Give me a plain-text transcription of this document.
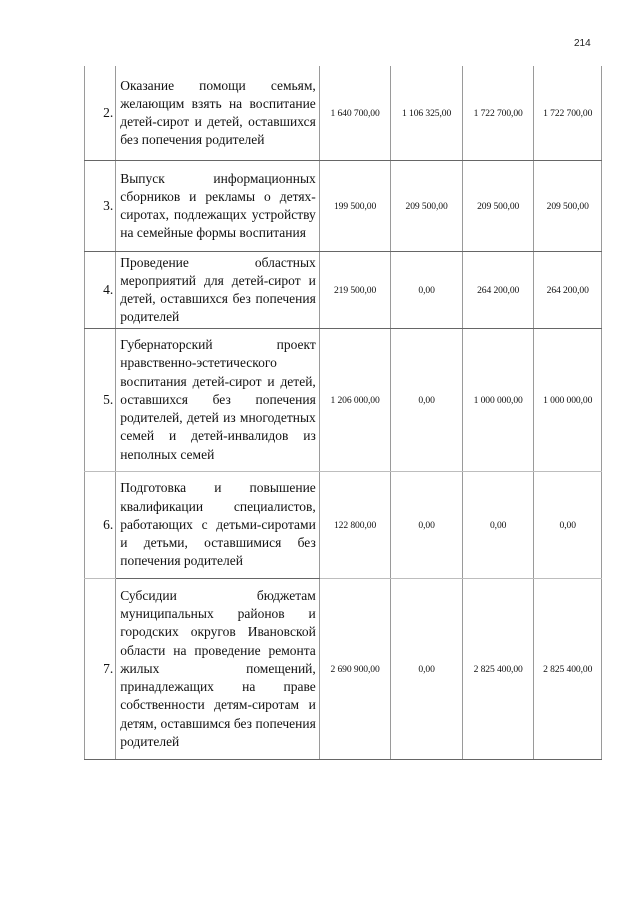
214
2.	Оказание помощи семьям, желающим взять на воспитание детей-сирот и детей, оставшихся без попечения родителей	1 640 700,00	1 106 325,00	1 722 700,00	1 722 700,00
3.	Выпуск информационных сборников и рекламы о детях-сиротах, подлежащих устройству на семейные формы воспитания	199 500,00	209 500,00	209 500,00	209 500,00
4.	Проведение областных мероприятий для детей-сирот и детей, оставшихся без попечения родителей	219 500,00	0,00	264 200,00	264 200,00
5.	Губернаторский проект нравственно-эстетического воспитания детей-сирот и детей, оставшихся без попечения родителей, детей из многодетных семей и детей-инвалидов из неполных семей	1 206 000,00	0,00	1 000 000,00	1 000 000,00
6.	Подготовка и повышение квалификации специалистов, работающих с детьми-сиротами и детьми, оставшимися без попечения родителей	122 800,00	0,00	0,00	0,00
7.	Субсидии бюджетам муниципальных районов и городских округов Ивановской области на проведение ремонта жилых помещений, принадлежащих на праве собственности детям-сиротам и детям, оставшимся без попечения родителей	2 690 900,00	0,00	2 825 400,00	2 825 400,00
